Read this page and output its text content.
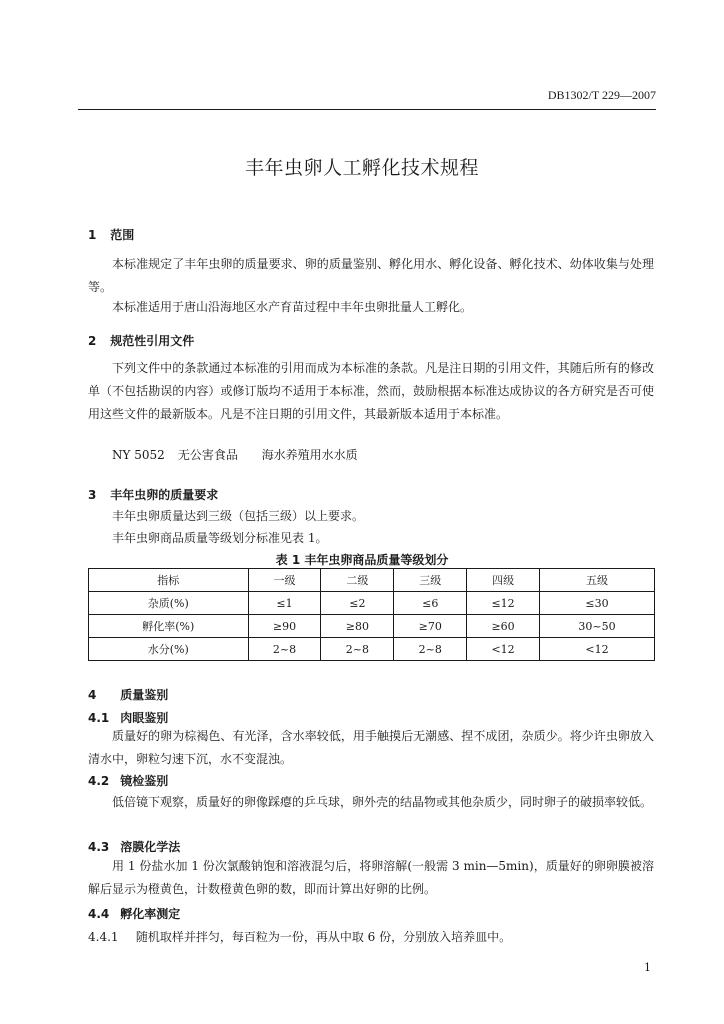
DB1302/T 229—2007
丰年虫卵人工孵化技术规程
1 范围

本标准规定了丰年虫卵的质量要求、卵的质量鉴别、孵化用水、孵化设备、孵化技术、幼体收集与处理等。

本标准适用于唐山沿海地区水产育苗过程中丰年虫卵批量人工孵化。

2 规范性引用文件

下列文件中的条款通过本标准的引用而成为本标准的条款。凡是注日期的引用文件，其随后所有的修改单（不包括勘误的内容）或修订版均不适用于本标准，然而，鼓励根据本标准达成协议的各方研究是否可使用这些文件的最新版本。凡是不注日期的引用文件，其最新版本适用于本标准。

NY 5052 无公害食品 海水养殖用水水质
3 丰年虫卵的质量要求
丰年虫卵质量达到三级（包括三级）以上要求。
丰年虫卵商品质量等级划分标准见表 1。
表 1 丰年虫卵商品质量等级划分
指标	一级	二级	三级	四级	五级
杂质(%)	≤1	≤2	≤6	≤12	≤30
孵化率(%)	≥90	≥80	≥70	≥60	30~50
水分(%)	2~8	2~8	2~8	<12	<12
4 质量鉴别
4.1 肉眼鉴别

质量好的卵为棕褐色、有光泽，含水率较低，用手触摸后无潮感、捏不成团，杂质少。将少许虫卵放入清水中，卵粒匀速下沉，水不变混浊。

4.2 镜检鉴别

低倍镜下观察，质量好的卵像踩瘪的乒乓球，卵外壳的结晶物或其他杂质少，同时卵子的破损率较低。

4.3 溶膜化学法

用 1 份盐水加 1 份次氯酸钠饱和溶液混匀后，将卵溶解(一般需 3 min—5min)，质量好的卵卵膜被溶解后显示为橙黄色，计数橙黄色卵的数，即而计算出好卵的比例。

4.4 孵化率测定
4.4.1 随机取样并拌匀，每百粒为一份，再从中取 6 份，分别放入培养皿中。
1
